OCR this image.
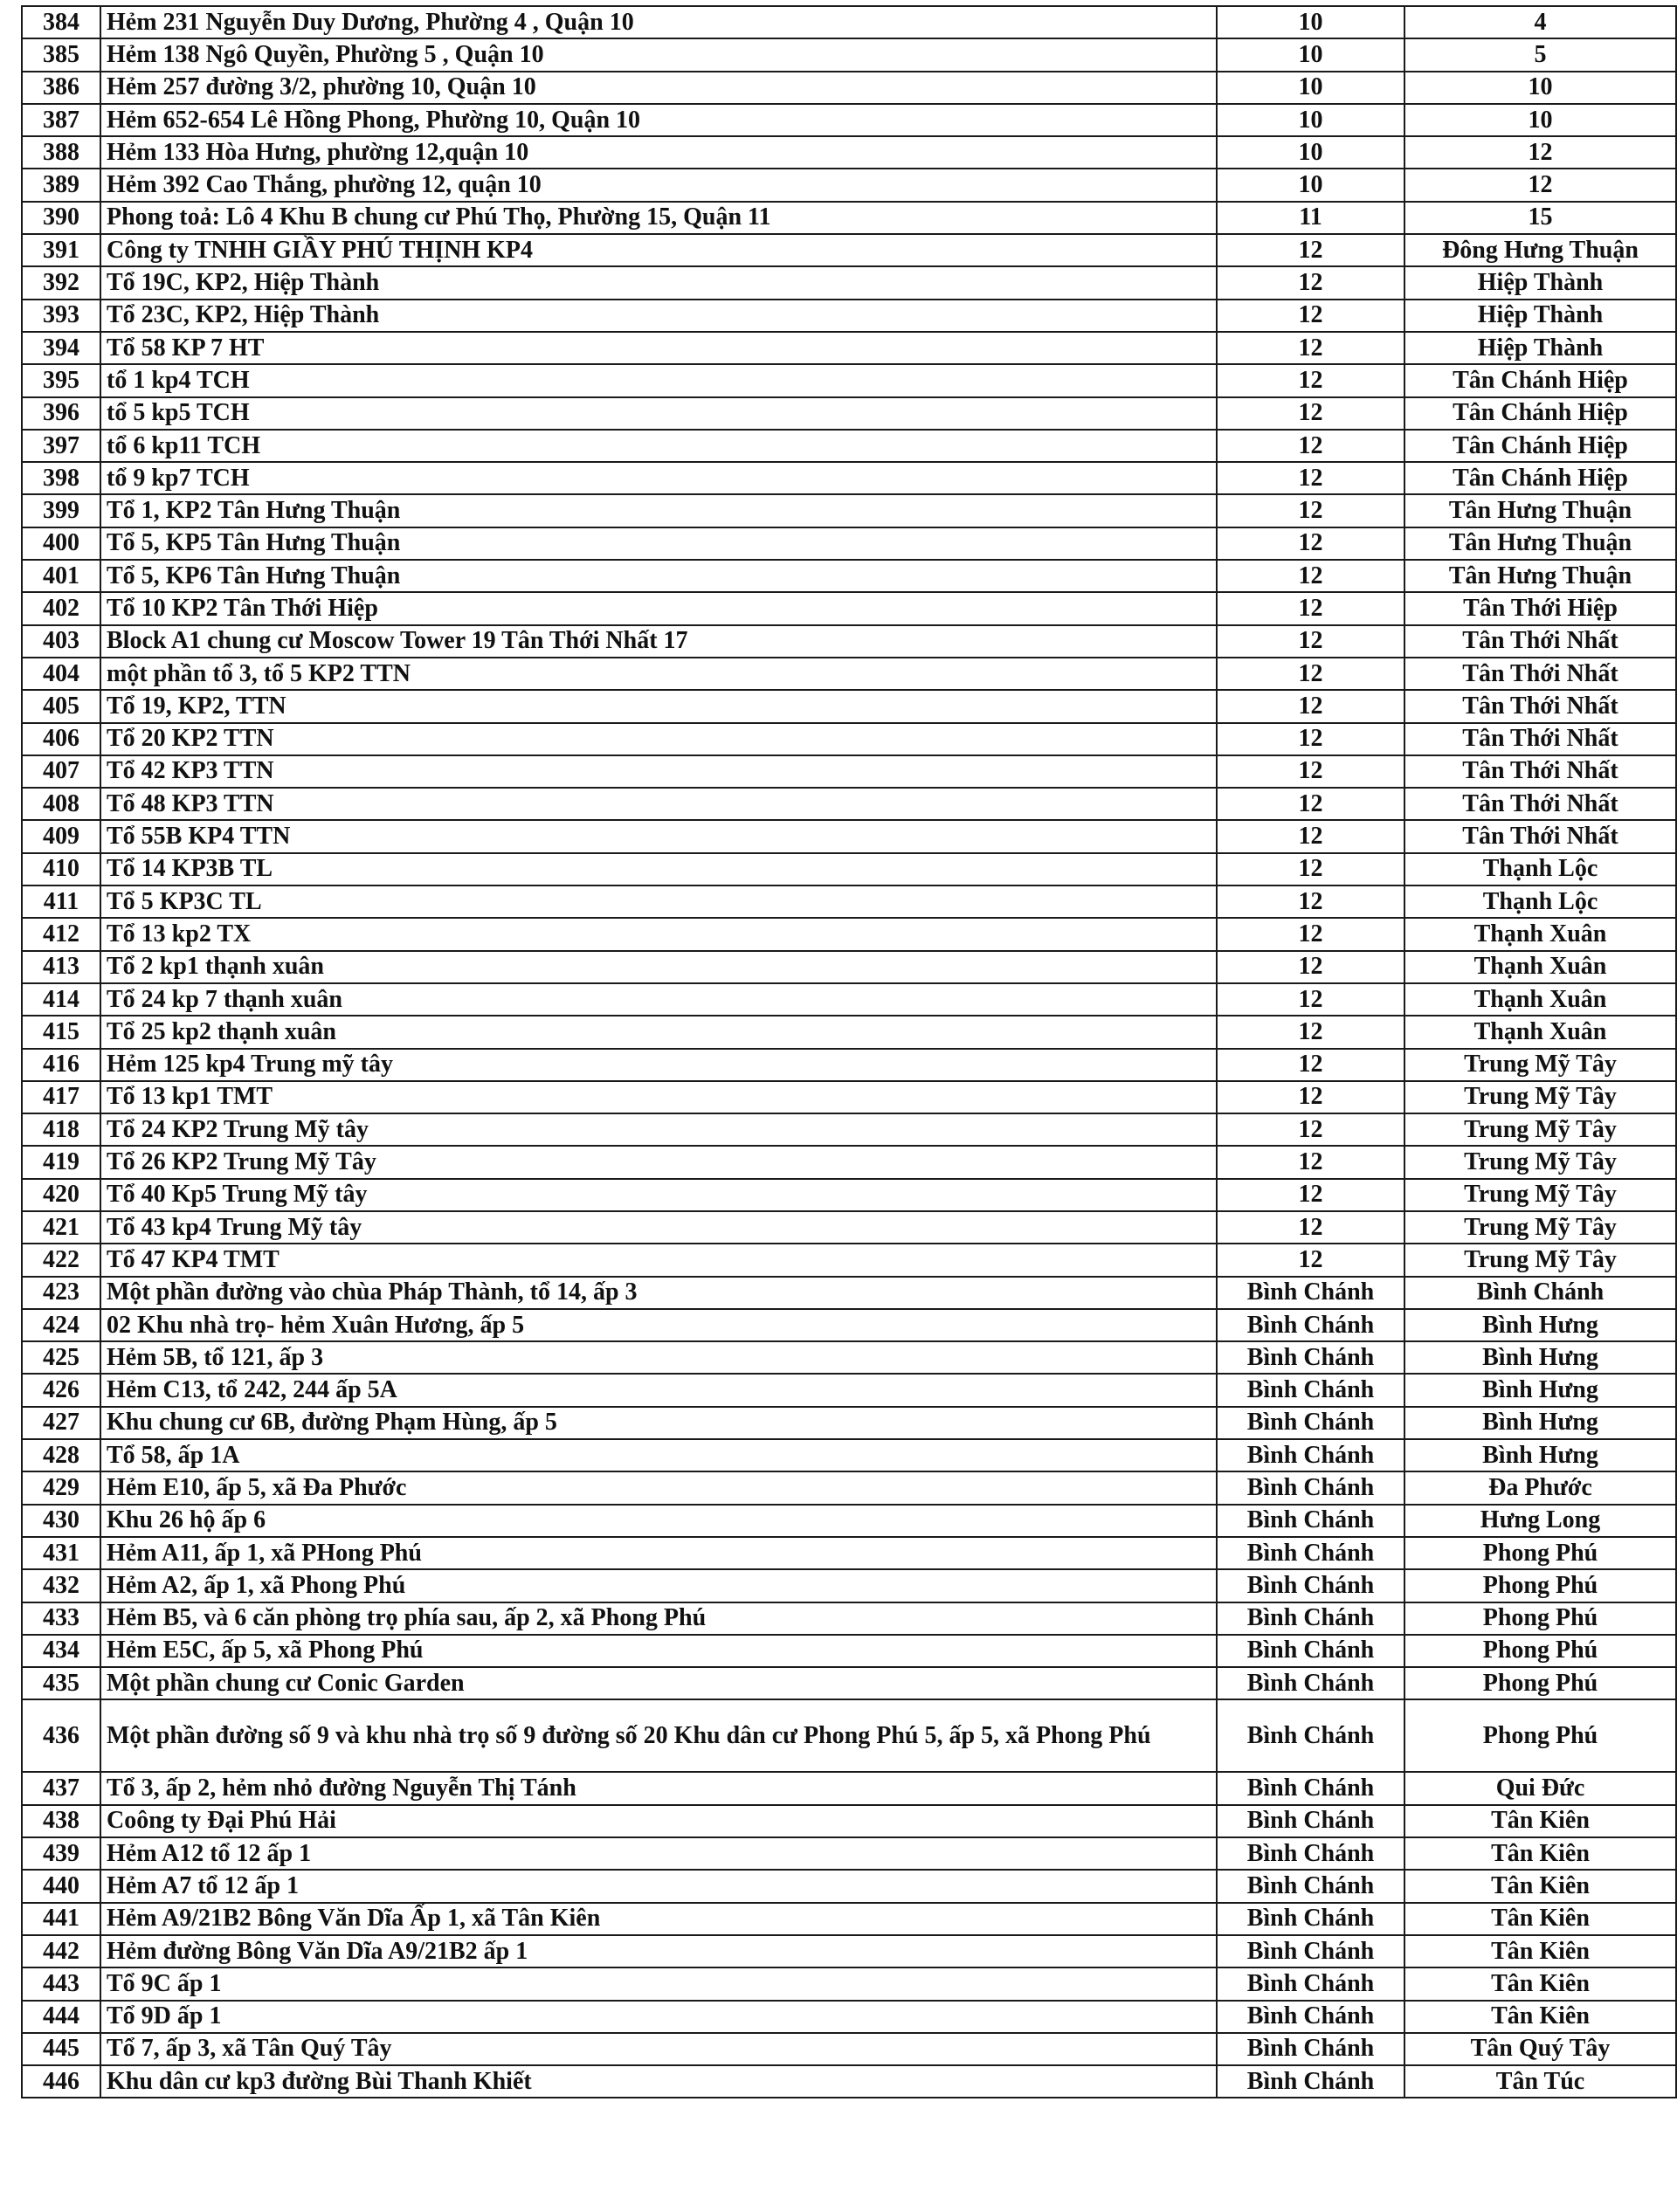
384	Hẻm 231 Nguyễn Duy Dương, Phường 4 , Quận 10	10	4
385	Hẻm 138 Ngô Quyền, Phường 5 , Quận 10	10	5
386	Hẻm 257 đường 3/2, phường 10, Quận 10	10	10
387	Hẻm 652-654 Lê Hồng Phong, Phường 10, Quận 10	10	10
388	Hẻm 133 Hòa Hưng, phường 12,quận 10	10	12
389	Hẻm 392 Cao Thắng, phường 12, quận 10	10	12
390	Phong toả: Lô 4 Khu B chung cư Phú Thọ, Phường 15, Quận 11	11	15
391	Công ty TNHH GIẦY PHÚ THỊNH KP4	12	Đông Hưng Thuận
392	Tổ 19C, KP2, Hiệp Thành	12	Hiệp Thành
393	Tổ 23C, KP2, Hiệp Thành	12	Hiệp Thành
394	Tổ 58 KP 7 HT	12	Hiệp Thành
395	tổ 1 kp4 TCH	12	Tân Chánh Hiệp
396	tổ 5 kp5 TCH	12	Tân Chánh Hiệp
397	tổ 6 kp11 TCH	12	Tân Chánh Hiệp
398	tổ 9 kp7 TCH	12	Tân Chánh Hiệp
399	Tổ 1, KP2 Tân Hưng Thuận	12	Tân Hưng Thuận
400	Tổ 5, KP5 Tân Hưng Thuận	12	Tân Hưng Thuận
401	Tổ 5, KP6 Tân Hưng Thuận	12	Tân Hưng Thuận
402	Tổ 10 KP2 Tân Thới Hiệp	12	Tân Thới Hiệp
403	Block A1 chung cư Moscow Tower 19 Tân Thới Nhất 17	12	Tân Thới Nhất
404	một phần tổ 3, tổ 5 KP2 TTN	12	Tân Thới Nhất
405	Tổ 19, KP2, TTN	12	Tân Thới Nhất
406	Tổ 20 KP2 TTN	12	Tân Thới Nhất
407	Tổ 42 KP3 TTN	12	Tân Thới Nhất
408	Tổ 48 KP3 TTN	12	Tân Thới Nhất
409	Tổ 55B KP4 TTN	12	Tân Thới Nhất
410	Tổ 14 KP3B TL	12	Thạnh Lộc
411	Tổ 5 KP3C TL	12	Thạnh Lộc
412	Tổ 13 kp2 TX	12	Thạnh Xuân
413	Tổ 2 kp1 thạnh xuân	12	Thạnh Xuân
414	Tổ 24 kp 7 thạnh xuân	12	Thạnh Xuân
415	Tổ 25 kp2 thạnh xuân	12	Thạnh Xuân
416	Hẻm 125 kp4 Trung mỹ tây	12	Trung Mỹ Tây
417	Tổ 13 kp1 TMT	12	Trung Mỹ Tây
418	Tổ 24 KP2 Trung Mỹ tây	12	Trung Mỹ Tây
419	Tổ 26 KP2 Trung Mỹ Tây	12	Trung Mỹ Tây
420	Tổ 40 Kp5 Trung Mỹ tây	12	Trung Mỹ Tây
421	Tổ 43 kp4 Trung Mỹ tây	12	Trung Mỹ Tây
422	Tổ 47 KP4 TMT	12	Trung Mỹ Tây
423	Một phần đường vào chùa Pháp Thành, tổ 14, ấp 3	Bình Chánh	Bình Chánh
424	02 Khu nhà trọ- hẻm Xuân Hương, ấp 5	Bình Chánh	Bình Hưng
425	Hẻm 5B, tổ 121, ấp 3	Bình Chánh	Bình Hưng
426	Hẻm C13, tổ 242, 244 ấp 5A	Bình Chánh	Bình Hưng
427	Khu chung cư 6B, đường Phạm Hùng, ấp 5	Bình Chánh	Bình Hưng
428	Tổ 58, ấp 1A	Bình Chánh	Bình Hưng
429	Hẻm E10, ấp 5, xã Đa Phước	Bình Chánh	Đa Phước
430	Khu 26 hộ ấp 6	Bình Chánh	Hưng Long
431	Hẻm A11, ấp 1, xã PHong Phú	Bình Chánh	Phong Phú
432	Hẻm A2, ấp 1, xã Phong Phú	Bình Chánh	Phong Phú
433	Hẻm B5, và 6 căn phòng trọ phía sau, ấp 2, xã Phong Phú	Bình Chánh	Phong Phú
434	Hẻm E5C, ấp 5, xã Phong Phú	Bình Chánh	Phong Phú
435	Một phần chung cư Conic Garden	Bình Chánh	Phong Phú
436	Một phần đường số 9 và khu nhà trọ số 9 đường số 20 Khu dân cư Phong Phú 5, ấp 5, xã Phong Phú	Bình Chánh	Phong Phú
437	Tổ 3, ấp 2, hẻm nhỏ đường Nguyễn Thị Tánh	Bình Chánh	Qui Đức
438	Coông ty Đại Phú Hải	Bình Chánh	Tân Kiên
439	Hẻm A12 tổ 12 ấp 1	Bình Chánh	Tân Kiên
440	Hẻm A7 tổ 12 ấp 1	Bình Chánh	Tân Kiên
441	Hẻm A9/21B2 Bông Văn Dĩa Ấp 1, xã Tân Kiên	Bình Chánh	Tân Kiên
442	Hẻm đường Bông Văn Dĩa A9/21B2 ấp 1	Bình Chánh	Tân Kiên
443	Tổ 9C ấp 1	Bình Chánh	Tân Kiên
444	Tổ 9D ấp 1	Bình Chánh	Tân Kiên
445	Tổ 7, ấp 3, xã Tân Quý Tây	Bình Chánh	Tân Quý Tây
446	Khu dân cư kp3 đường Bùi Thanh Khiết	Bình Chánh	Tân Túc
